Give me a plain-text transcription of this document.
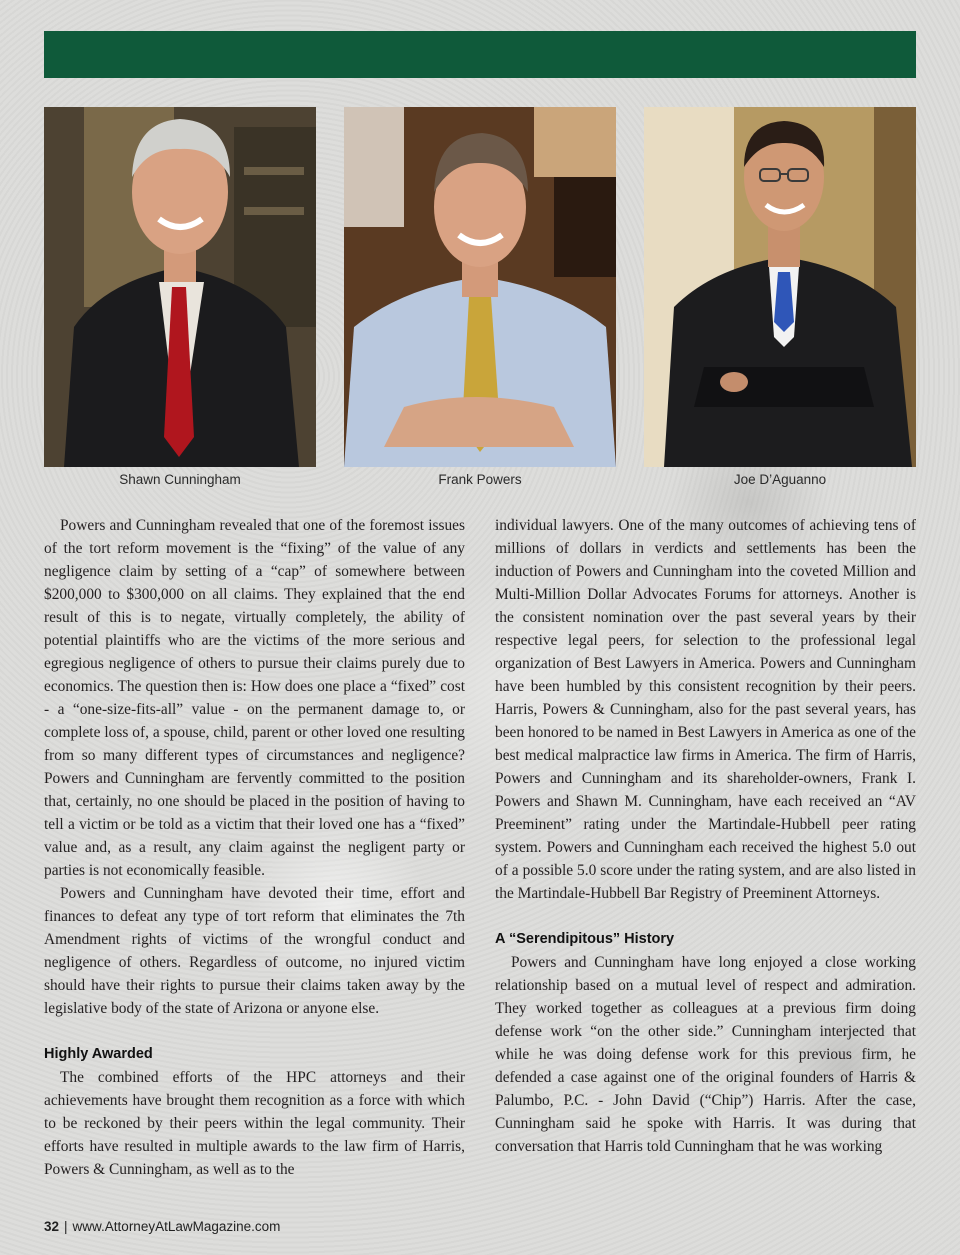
Shawn Cunningham	Frank Powers	Joe D’Aguanno

Powers and Cunningham revealed that one of the foremost issues of the tort reform movement is the “fixing” of the value of any negligence claim by setting of a “cap” of somewhere between $200,000 to $300,000 on all claims. They explained that the end result of this is to negate, virtually completely, the ability of potential plaintiffs who are the victims of the more serious and egregious negligence of others to pursue their claims purely due to economics. The question then is: How does one place a “fixed” cost - a “one-size-fits-all” value - on the permanent damage to, or complete loss of, a spouse, child, parent or other loved one resulting from so many different types of circumstances and negligence? Powers and Cunningham are fervently committed to the position that, certainly, no one should be placed in the position of having to tell a victim or be told as a victim that their loved one has a “fixed” value and, as a result, any claim against the negligent party or parties is not economically feasible.

Powers and Cunningham have devoted their time, effort and finances to defeat any type of tort reform that eliminates the 7th Amendment rights of victims of the wrongful conduct and negligence of others. Regardless of outcome, no injured victim should have their rights to pursue their claims taken away by the legislative body of the state of Arizona or anyone else.

Highly Awarded

The combined efforts of the HPC attorneys and their achievements have brought them recognition as a force with which to be reckoned by their peers within the legal community. Their efforts have resulted in multiple awards to the law firm of Harris, Powers & Cunningham, as well as to the

individual lawyers. One of the many outcomes of achieving tens of millions of dollars in verdicts and settlements has been the induction of Powers and Cunningham into the coveted Million and Multi-Million Dollar Advocates Forums for attorneys. Another is the consistent nomination over the past several years by their respective legal peers, for selection to the professional legal organization of Best Lawyers in America. Powers and Cunningham have been humbled by this consistent recognition by their peers. Harris, Powers & Cunningham, also for the past several years, has been honored to be named in Best Lawyers in America as one of the best medical malpractice law firms in America. The firm of Harris, Powers and Cunningham and its shareholder-owners, Frank I. Powers and Shawn M. Cunningham, have each received an “AV Preeminent” rating under the Martindale-Hubbell peer rating system. Powers and Cunningham each received the highest 5.0 out of a possible 5.0 score under the rating system, and are also listed in the Martindale-Hubbell Bar Registry of Preeminent Attorneys.

A “Serendipitous” History

Powers and Cunningham have long enjoyed a close working relationship based on a mutual level of respect and admiration. They worked together as colleagues at a previous firm doing defense work “on the other side.” Cunningham interjected that while he was doing defense work for this previous firm, he defended a case against one of the original founders of Harris & Palumbo, P.C. - John David (“Chip”) Harris. After the case, Cunningham said he spoke with Harris. It was during that conversation that Harris told Cunningham that he was working

32 | www.AttorneyAtLawMagazine.com
